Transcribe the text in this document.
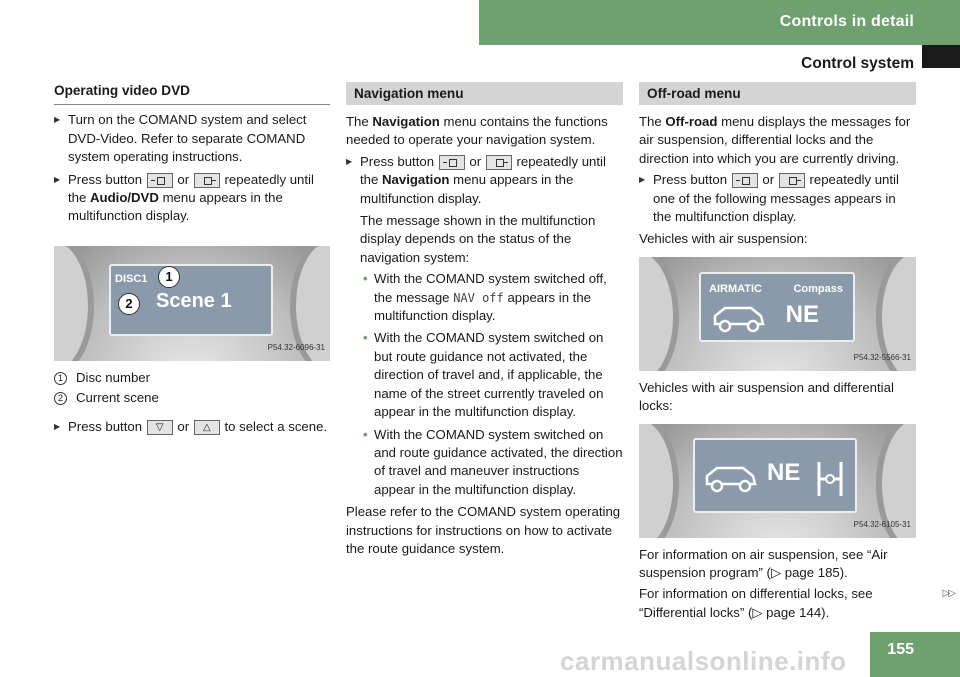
Controls in detail
Control system
Operating video DVD

▶ Turn on the COMAND system and select DVD-Video. Refer to separate COMAND system operating instructions.

▶ Press button	or	repeatedly until the Audio/DVD menu appears in the multifunction display.

DISC1
Scene 1
1
2
P54.32-6096-31
1 Disc number
2 Current scene

▶ Press button ▽ or △ to select a scene.

Navigation menu

The Navigation menu contains the functions needed to operate your navigation system.

▶ Press button	or	repeatedly until the Navigation menu appears in the multifunction display.

The message shown in the multifunction display depends on the status of the navigation system:

• With the COMAND system switched off, the message NAV off appears in the multifunction display.

• With the COMAND system switched on but route guidance not activated, the direction of travel and, if applicable, the name of the street currently traveled on appear in the multifunction display.

• With the COMAND system switched on and route guidance activated, the direction of travel and maneuver instructions appear in the multifunction display.

Please refer to the COMAND system operating instructions for instructions on how to activate the route guidance system.

Off-road menu

The Off-road menu displays the messages for air suspension, differential locks and the direction into which you are currently driving.

▶ Press button	or	repeatedly until one of the following messages appears in the multifunction display.

Vehicles with air suspension:

AIRMATIC	Compass
NE
P54.32-5566-31

Vehicles with air suspension and differential locks:

NE
P54.32-6105-31

For information on air suspension, see “Air suspension program” (▷ page 185).

For information on differential locks, see “Differential locks” (▷ page 144).

▷▷
155
carmanualsonline.info
